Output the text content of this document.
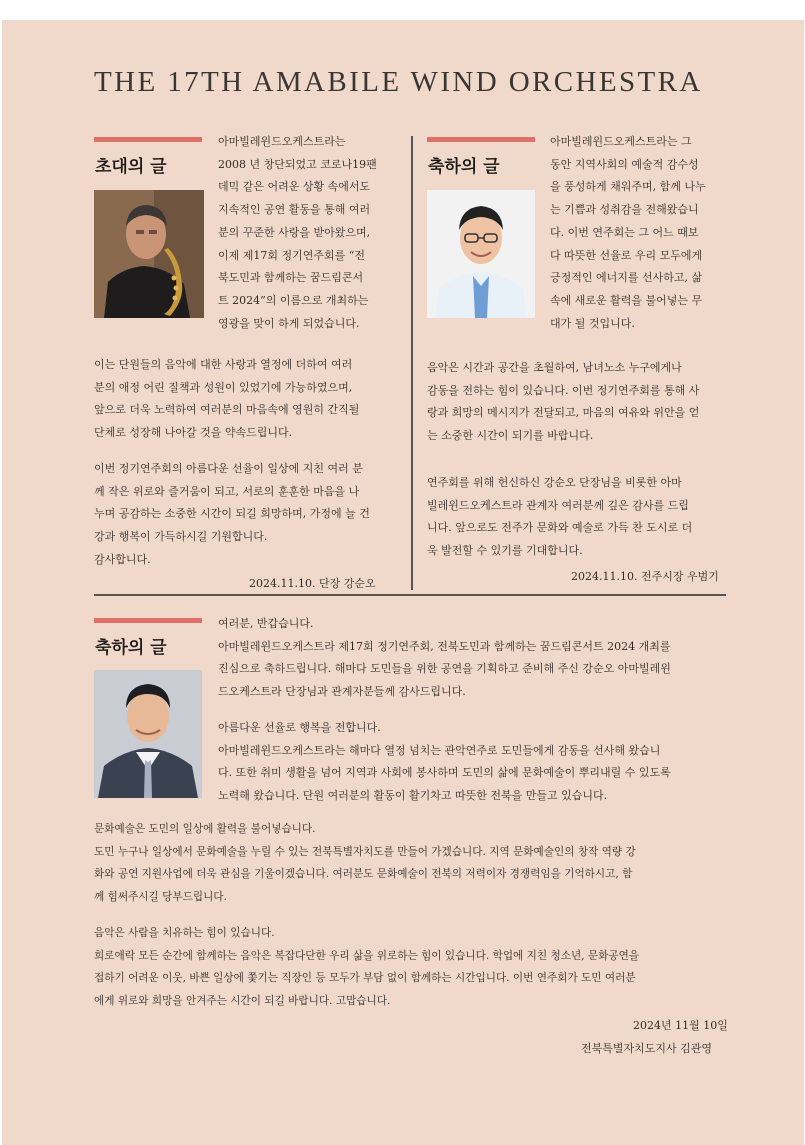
THE 17TH AMABILE WIND ORCHESTRA
초대의 글

아마빌레윈드오케스트라는

2008 년 창단되었고 코로나19팬

데믹 같은 어려운 상황 속에서도

지속적인 공연 활동을 통해 여러

분의 꾸준한 사랑을 받아왔으며,

이제 제17회 정기연주회를 “전

북도민과 함께하는 꿈드림콘서

트 2024”의 이름으로 개최하는

영광을 맞이 하게 되었습니다.

이는 단원들의 음악에 대한 사랑과 열정에 더하여 여러

분의 애정 어린 질책과 성원이 있었기에 가능하였으며,

앞으로 더욱 노력하여 여러분의 마음속에 영원히 간직될

단체로 성장해 나아갈 것을 약속드립니다.

이번 정기연주회의 아름다운 선율이 일상에 지친 여러 분

께 작은 위로와 즐거움이 되고, 서로의 훈훈한 마음을 나

누며 공감하는 소중한 시간이 되길 희망하며, 가정에 늘 건

강과 행복이 가득하시길 기원합니다.

감사합니다.

2024.11.10. 단장 강순오
축하의 글

아마빌레윈드오케스트라는 그

동안 지역사회의 예술적 감수성

을 풍성하게 채워주며, 함께 나누

는 기쁨과 성취감을 전해왔습니

다. 이번 연주회는 그 어느 때보

다 따뜻한 선율로 우리 모두에게

긍정적인 에너지를 선사하고, 삶

속에 새로운 활력을 불어넣는 무

대가 될 것입니다.

음악은 시간과 공간을 초월하여, 남녀노소 누구에게나

감동을 전하는 힘이 있습니다. 이번 정기연주회를 통해 사

랑과 희망의 메시지가 전달되고, 마음의 여유와 위안을 얻

는 소중한 시간이 되기를 바랍니다.

연주회를 위해 헌신하신 강순오 단장님을 비롯한 아마

빌레윈드오케스트라 관계자 여러분께 깊은 감사를 드립

니다. 앞으로도 전주가 문화와 예술로 가득 찬 도시로 더

욱 발전할 수 있기를 기대합니다.

2024.11.10. 전주시장 우범기
축하의 글

여러분, 반갑습니다.

아마빌레윈드오케스트라 제17회 정기연주회, 전북도민과 함께하는 꿈드림콘서트 2024 개최를

진심으로 축하드립니다. 해마다 도민들을 위한 공연을 기획하고 준비해 주신 강순오 아마빌레윈

드오케스트라 단장님과 관계자분들께 감사드립니다.

아름다운 선율로 행복을 전합니다.

아마빌레윈드오케스트라는 해마다 열정 넘치는 관악연주로 도민들에게 감동을 선사해 왔습니

다. 또한 취미 생활을 넘어 지역과 사회에 봉사하며 도민의 삶에 문화예술이 뿌리내릴 수 있도록

노력해 왔습니다. 단원 여러분의 활동이 활기차고 따뜻한 전북을 만들고 있습니다.

문화예술은 도민의 일상에 활력을 불어넣습니다.

도민 누구나 일상에서 문화예술을 누릴 수 있는 전북특별자치도를 만들어 가겠습니다. 지역 문화예술인의 창작 역량 강

화와 공연 지원사업에 더욱 관심을 기울이겠습니다. 여러분도 문화예술이 전북의 저력이자 경쟁력임을 기억하시고, 함

께 힘써주시길 당부드립니다.

음악은 사람을 치유하는 힘이 있습니다.

희로애락 모든 순간에 함께하는 음악은 복잡다단한 우리 삶을 위로하는 힘이 있습니다. 학업에 지친 청소년, 문화공연을

접하기 어려운 이웃, 바쁜 일상에 쫓기는 직장인 등 모두가 부담 없이 함께하는 시간입니다. 이번 연주회가 도민 여러분

에게 위로와 희망을 안겨주는 시간이 되길 바랍니다. 고맙습니다.

2024년 11월 10일
전북특별자치도지사 김관영
